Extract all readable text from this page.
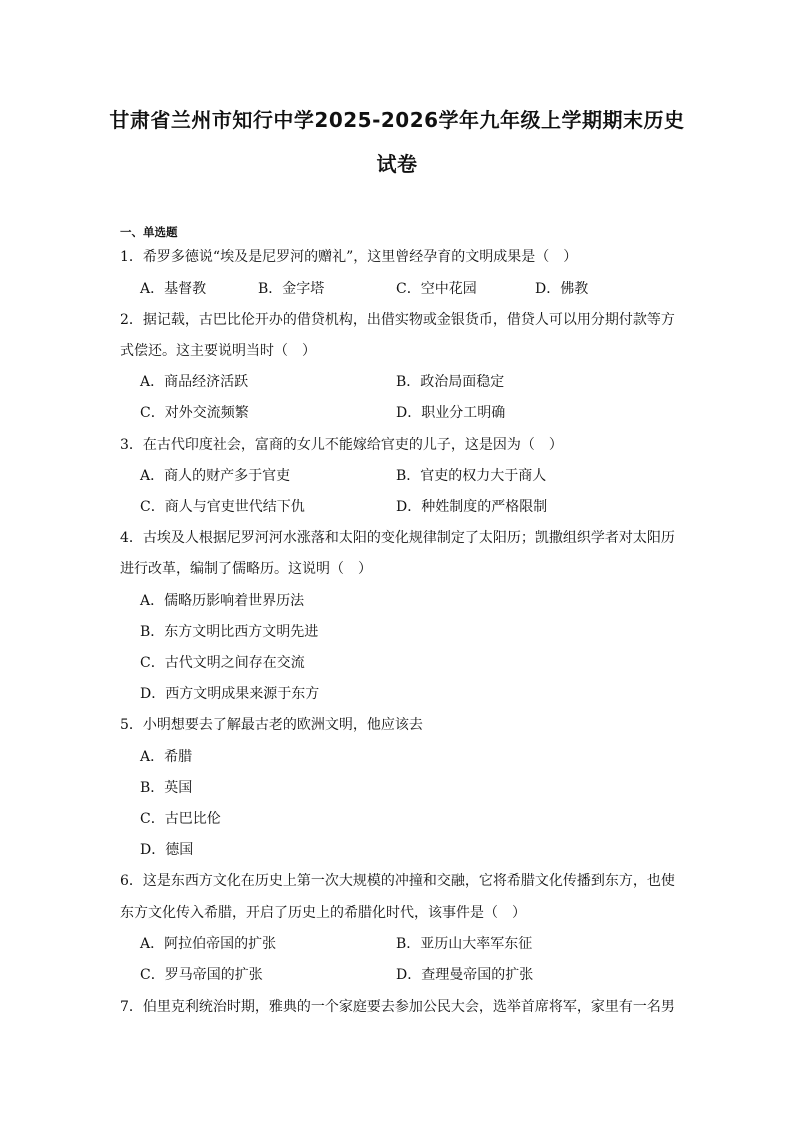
甘肃省兰州市知行中学2025-2026学年九年级上学期期末历史
试卷
一、单选题
1．希罗多德说“埃及是尼罗河的赠礼”，这里曾经孕育的文明成果是（　）
A．基督教	B．金字塔	C．空中花园	D．佛教
2．据记载，古巴比伦开办的借贷机构，出借实物或金银货币，借贷人可以用分期付款等方
式偿还。这主要说明当时（　）
A．商品经济活跃	B．政治局面稳定
C．对外交流频繁	D．职业分工明确
3．在古代印度社会，富商的女儿不能嫁给官吏的儿子，这是因为（　）
A．商人的财产多于官吏	B．官吏的权力大于商人
C．商人与官吏世代结下仇	D．种姓制度的严格限制
4．古埃及人根据尼罗河河水涨落和太阳的变化规律制定了太阳历；凯撒组织学者对太阳历
进行改革，编制了儒略历。这说明（　）
A．儒略历影响着世界历法
B．东方文明比西方文明先进
C．古代文明之间存在交流
D．西方文明成果来源于东方
5．小明想要去了解最古老的欧洲文明，他应该去
A．希腊
B．英国
C．古巴比伦
D．德国
6．这是东西方文化在历史上第一次大规模的冲撞和交融，它将希腊文化传播到东方，也使
东方文化传入希腊，开启了历史上的希腊化时代，该事件是（　）
A．阿拉伯帝国的扩张	B．亚历山大率军东征
C．罗马帝国的扩张	D．查理曼帝国的扩张
7．伯里克利统治时期，雅典的一个家庭要去参加公民大会，选举首席将军，家里有一名男
